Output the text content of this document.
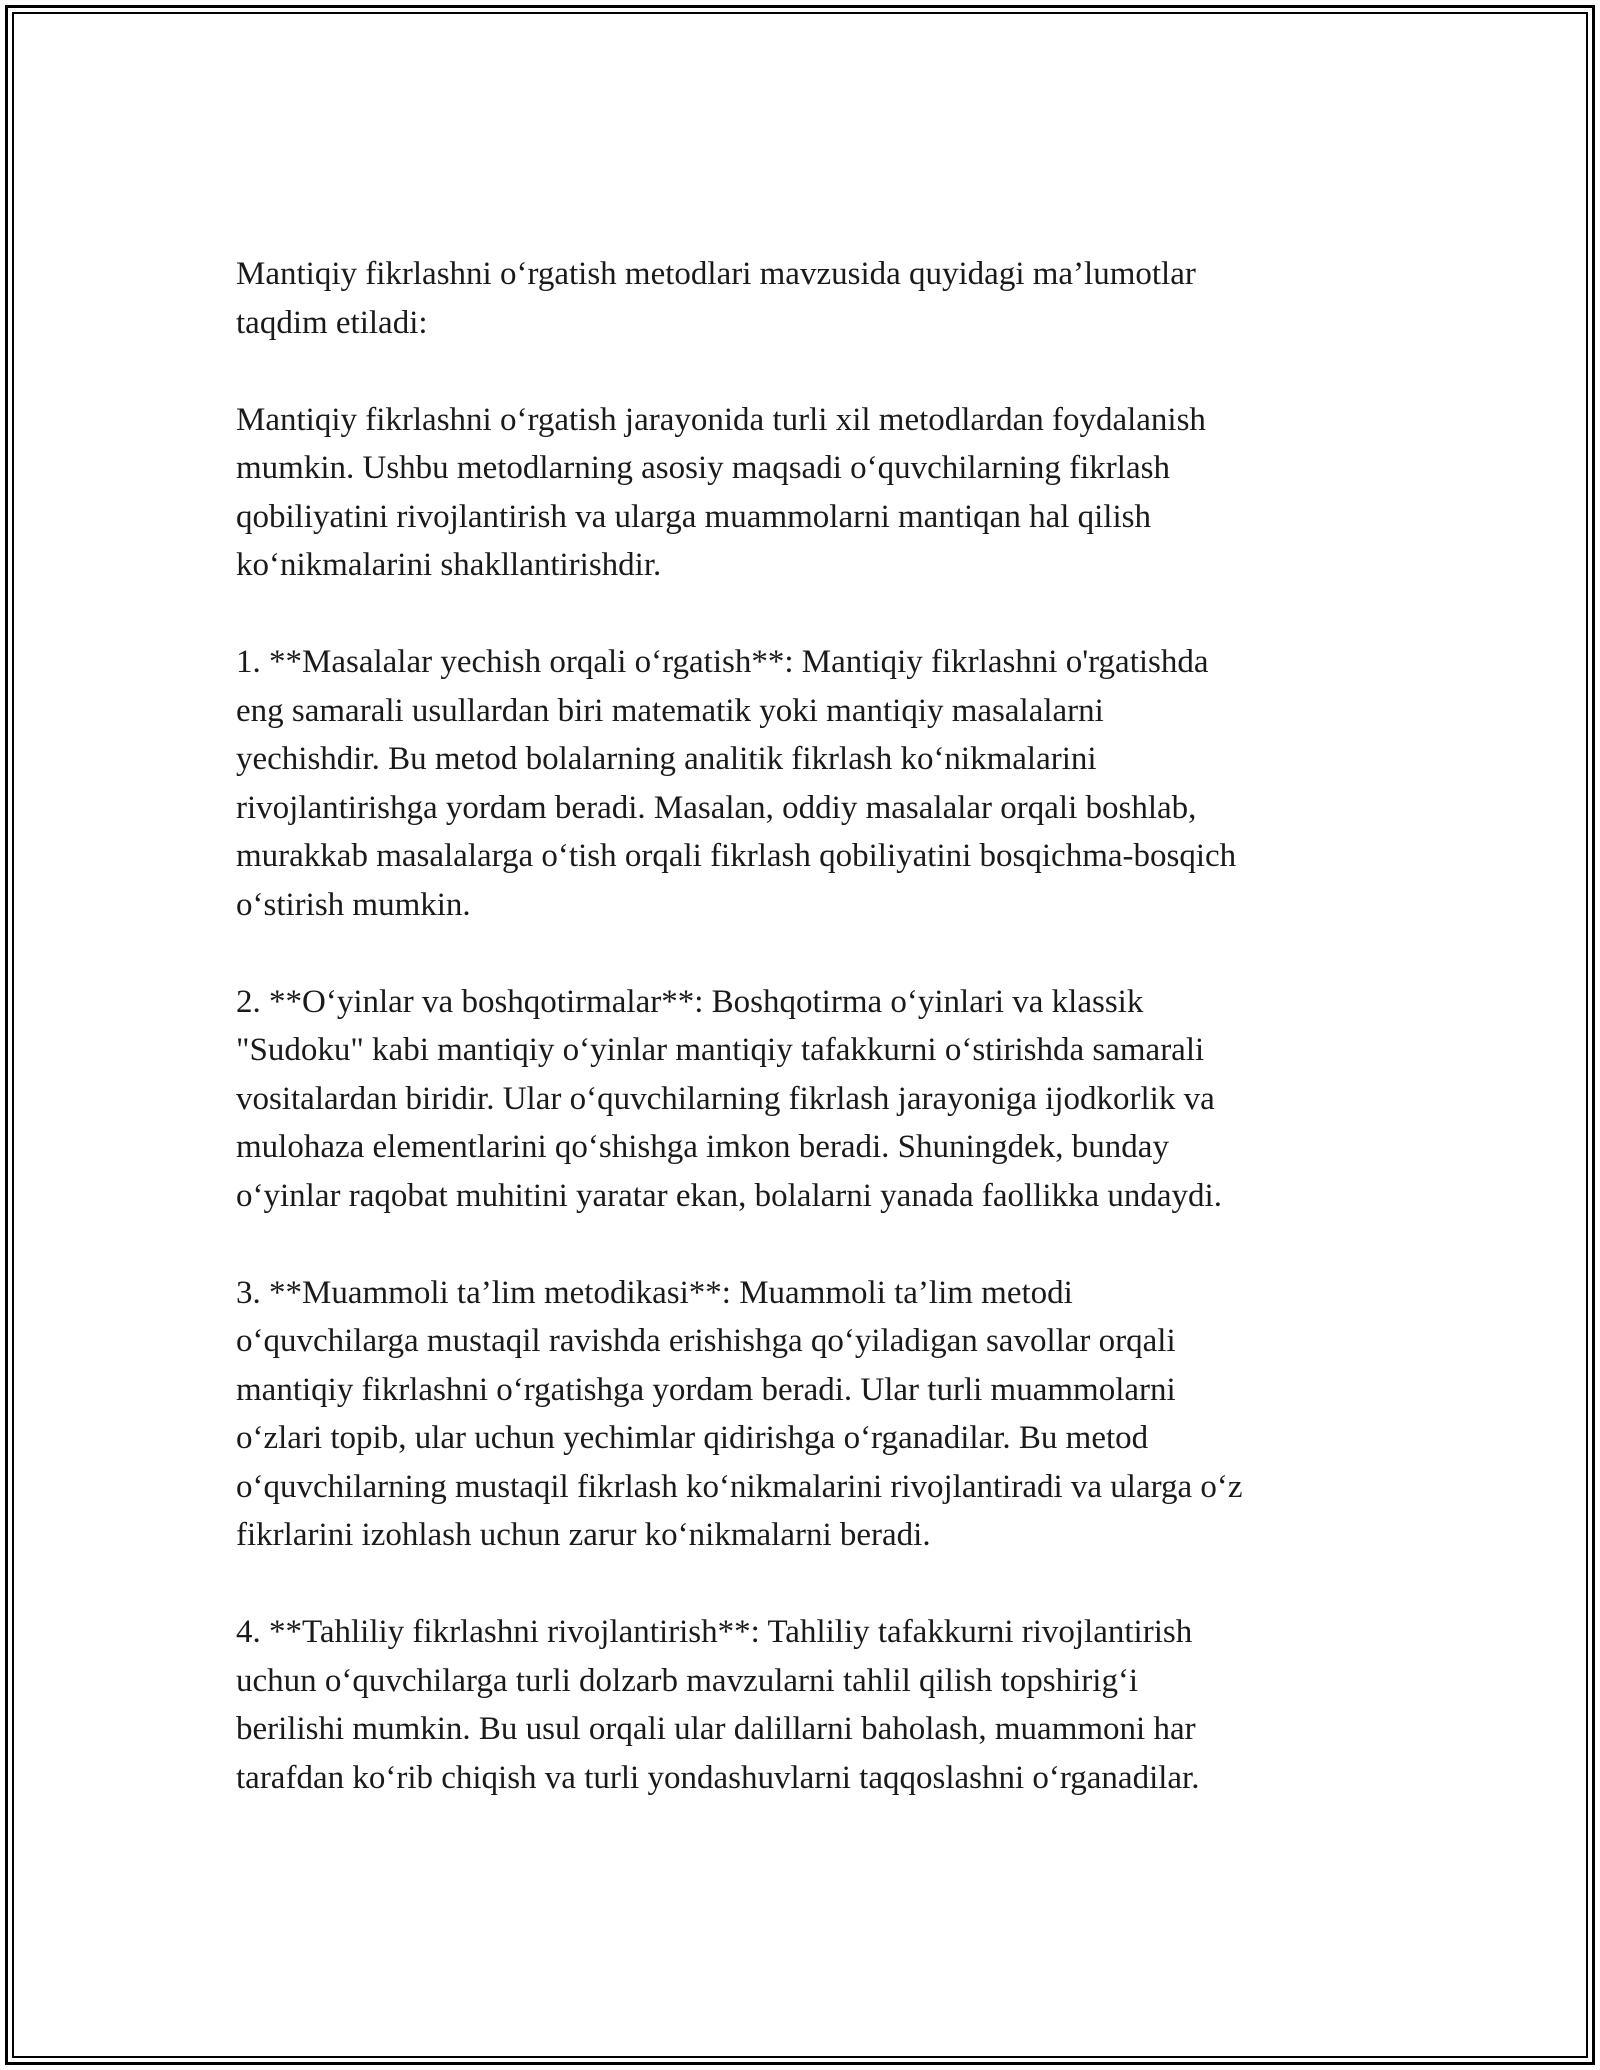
Mantiqiy fikrlashni o‘rgatish metodlari mavzusida quyidagi ma’lumotlar
taqdim etiladi:

Mantiqiy fikrlashni o‘rgatish jarayonida turli xil metodlardan foydalanish
mumkin. Ushbu metodlarning asosiy maqsadi o‘quvchilarning fikrlash
qobiliyatini rivojlantirish va ularga muammolarni mantiqan hal qilish
ko‘nikmalarini shakllantirishdir.

1. **Masalalar yechish orqali o‘rgatish**: Mantiqiy fikrlashni o'rgatishda
eng samarali usullardan biri matematik yoki mantiqiy masalalarni
yechishdir. Bu metod bolalarning analitik fikrlash ko‘nikmalarini
rivojlantirishga yordam beradi. Masalan, oddiy masalalar orqali boshlab,
murakkab masalalarga o‘tish orqali fikrlash qobiliyatini bosqichma-bosqich
o‘stirish mumkin.

2. **O‘yinlar va boshqotirmalar**: Boshqotirma o‘yinlari va klassik
"Sudoku" kabi mantiqiy o‘yinlar mantiqiy tafakkurni o‘stirishda samarali
vositalardan biridir. Ular o‘quvchilarning fikrlash jarayoniga ijodkorlik va
mulohaza elementlarini qo‘shishga imkon beradi. Shuningdek, bunday
o‘yinlar raqobat muhitini yaratar ekan, bolalarni yanada faollikka undaydi.

3. **Muammoli ta’lim metodikasi**: Muammoli ta’lim metodi
o‘quvchilarga mustaqil ravishda erishishga qo‘yiladigan savollar orqali
mantiqiy fikrlashni o‘rgatishga yordam beradi. Ular turli muammolarni
o‘zlari topib, ular uchun yechimlar qidirishga o‘rganadilar. Bu metod
o‘quvchilarning mustaqil fikrlash ko‘nikmalarini rivojlantiradi va ularga o‘z
fikrlarini izohlash uchun zarur ko‘nikmalarni beradi.

4. **Tahliliy fikrlashni rivojlantirish**: Tahliliy tafakkurni rivojlantirish
uchun o‘quvchilarga turli dolzarb mavzularni tahlil qilish topshirig‘i
berilishi mumkin. Bu usul orqali ular dalillarni baholash, muammoni har
tarafdan ko‘rib chiqish va turli yondashuvlarni taqqoslashni o‘rganadilar.
